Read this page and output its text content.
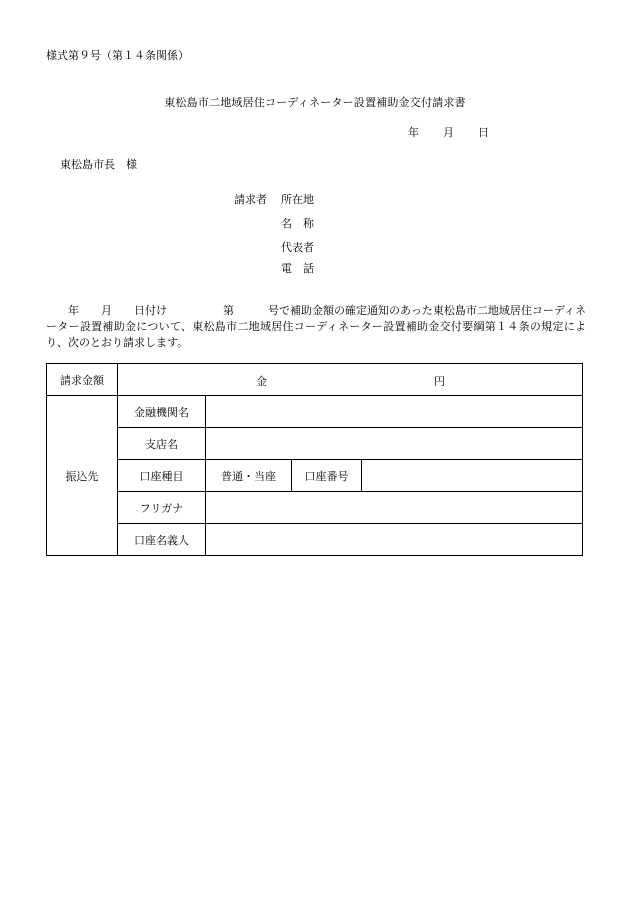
様式第９号（第１４条関係）
東松島市二地域居住コーディネーター設置補助金交付請求書
年 月 日
東松島市長　様
請求者 所在地
名　称
代表者
電　話
年 月 日付け	第	号で補助金額の確定通知のあった東松島市二地域居住コーディネーター設置補助金について、東松島市二地域居住コーディネーター設置補助金交付要綱第１４条の規定により、次のとおり請求します。
請求金額	金 円			

振込先	金融機関名			
	支店名			
	口座種目	普通・当座	口座番号	
	フリガナ			
	口座名義人			
